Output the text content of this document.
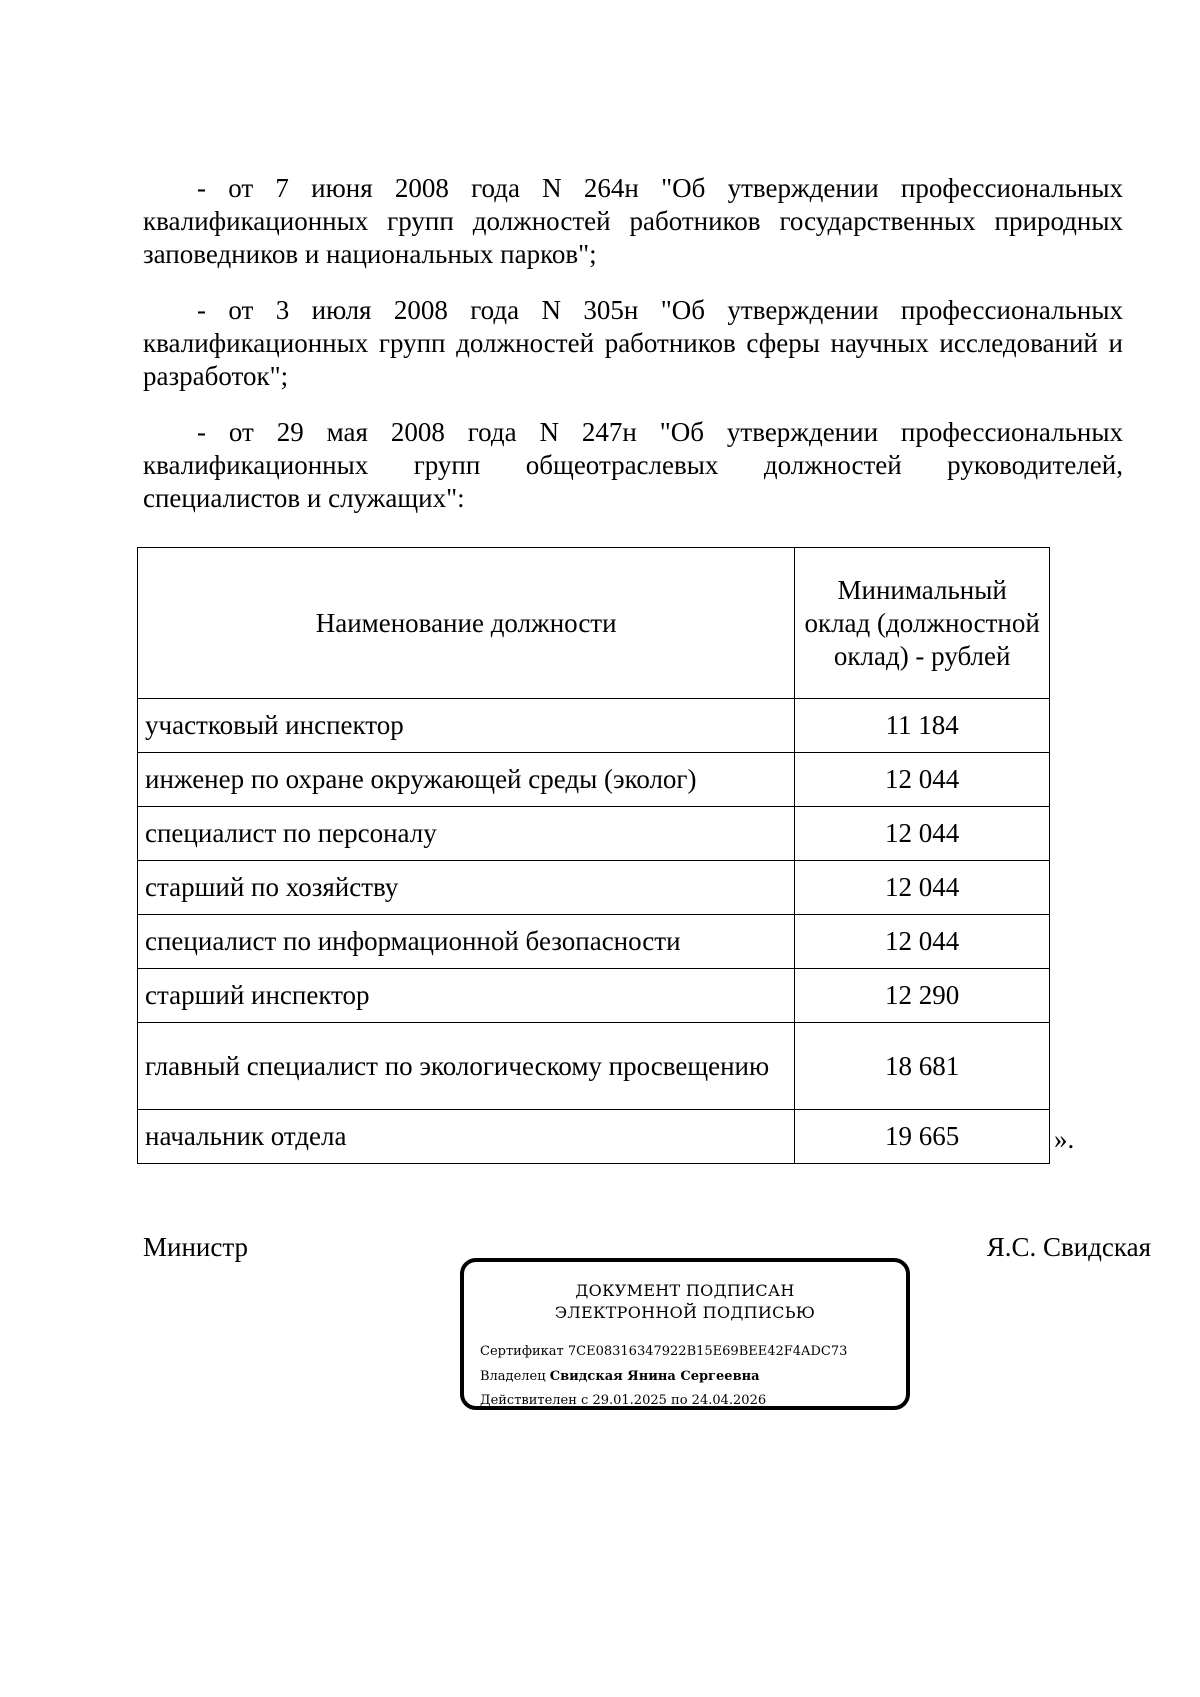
- от 7 июня 2008 года N 264н "Об утверждении профессиональных квалификационных групп должностей работников государственных природных заповедников и национальных парков";

- от 3 июля 2008 года N 305н "Об утверждении профессиональных квалификационных групп должностей работников сферы научных исследований и разработок";

- от 29 мая 2008 года N 247н "Об утверждении профессиональных квалификационных групп общеотраслевых должностей руководителей, специалистов и служащих":

Наименование должности	Минимальный оклад (должностной оклад) - рублей
участковый инспектор	11 184
инженер по охране окружающей среды (эколог)	12 044
специалист по персоналу	12 044
старший по хозяйству	12 044
специалист по информационной безопасности	12 044
старший инспектор	12 290
главный специалист по экологическому просвещению	18 681
начальник отдела	19 665	».
Министр	Я.С. Свидская
ДОКУМЕНТ ПОДПИСАН
ЭЛЕКТРОННОЙ ПОДПИСЬЮ
Сертификат 7CE08316347922B15E69BEE42F4ADC73
Владелец Свидская Янина Сергеевна
Действителен с 29.01.2025 по 24.04.2026
